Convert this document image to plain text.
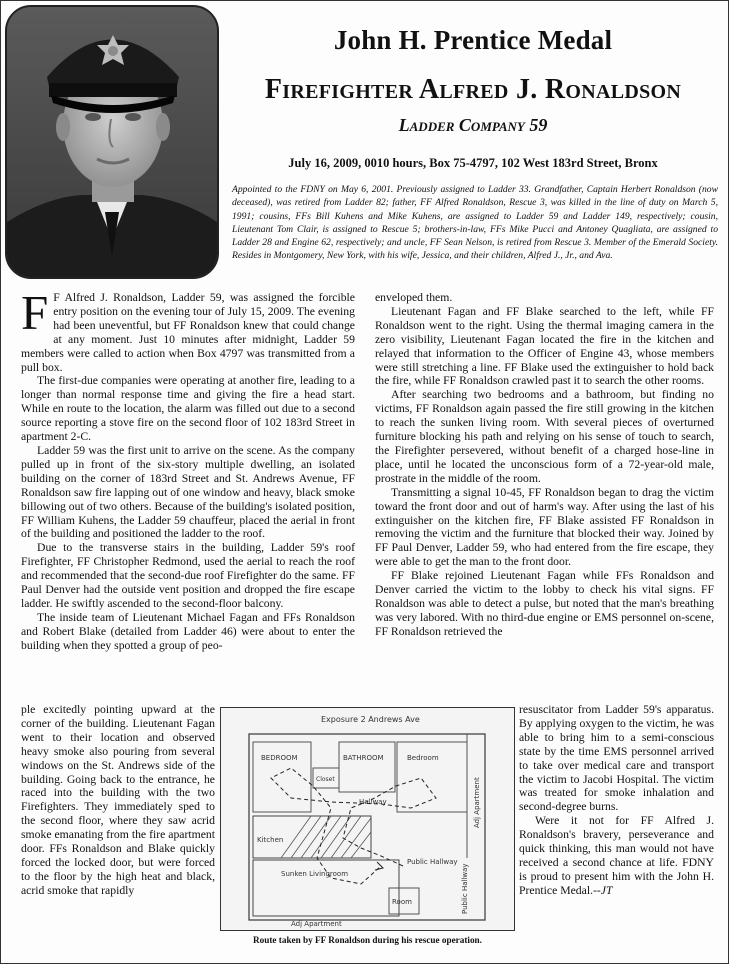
John H. Prentice Medal
Firefighter Alfred J. Ronaldson
Ladder Company 59
July 16, 2009, 0010 hours, Box 75-4797, 102 West 183rd Street, Bronx
Appointed to the FDNY on May 6, 2001. Previously assigned to Ladder 33. Grandfather, Captain Herbert Ronaldson (now deceased), was retired from Ladder 82; father, FF Alfred Ronaldson, Rescue 3, was killed in the line of duty on March 5, 1991; cousins, FFs Bill Kuhens and Mike Kuhens, are assigned to Ladder 59 and Ladder 149, respectively; cousin, Lieutenant Tom Clair, is assigned to Rescue 5; brothers-in-law, FFs Mike Pucci and Antoney Quagliata, are assigned to Ladder 28 and Engine 62, respectively; and uncle, FF Sean Nelson, is retired from Rescue 3. Member of the Emerald Society. Resides in Montgomery, New York, with his wife, Jessica, and their children, Alfred J., Jr., and Ava.

F F Alfred J. Ronaldson, Ladder 59, was assigned the forcible entry position on the evening tour of July 15, 2009. The evening had been uneventful, but FF Ronaldson knew that could change at any moment. Just 10 minutes after midnight, Ladder 59 members were called to action when Box 4797 was transmitted from a pull box.

The first-due companies were operating at another fire, leading to a longer than normal response time and giving the fire a head start. While en route to the location, the alarm was filled out due to a second source reporting a stove fire on the second floor of 102 183rd Street in apartment 2-C.

Ladder 59 was the first unit to arrive on the scene. As the company pulled up in front of the six-story multiple dwelling, an isolated building on the corner of 183rd Street and St. Andrews Avenue, FF Ronaldson saw fire lapping out of one window and heavy, black smoke billowing out of two others. Because of the building's isolated position, FF William Kuhens, the Ladder 59 chauffeur, placed the aerial in front of the building and positioned the ladder to the roof.

Due to the transverse stairs in the building, Ladder 59's roof Firefighter, FF Christopher Redmond, used the aerial to reach the roof and recommended that the second-due roof Firefighter do the same. FF Paul Denver had the outside vent position and dropped the fire escape ladder. He swiftly ascended to the second-floor balcony.

The inside team of Lieutenant Michael Fagan and FFs Ronaldson and Robert Blake (detailed from Ladder 46) were about to enter the building when they spotted a group of peo-

enveloped them.

Lieutenant Fagan and FF Blake searched to the left, while FF Ronaldson went to the right. Using the thermal imaging camera in the zero visibility, Lieutenant Fagan located the fire in the kitchen and relayed that information to the Officer of Engine 43, whose members were still stretching a line. FF Blake used the extinguisher to hold back the fire, while FF Ronaldson crawled past it to search the other rooms.

After searching two bedrooms and a bathroom, but finding no victims, FF Ronaldson again passed the fire still growing in the kitchen to reach the sunken living room. With several pieces of overturned furniture blocking his path and relying on his sense of touch to search, the Firefighter persevered, without benefit of a charged hose-line in place, until he located the unconscious form of a 72-year-old male, prostrate in the middle of the room.

Transmitting a signal 10-45, FF Ronaldson began to drag the victim toward the front door and out of harm's way. After using the last of his extinguisher on the kitchen fire, FF Blake assisted FF Ronaldson in removing the victim and the furniture that blocked their way. Joined by FF Paul Denver, Ladder 59, who had entered from the fire escape, they were able to get the man to the front door.

FF Blake rejoined Lieutenant Fagan while FFs Ronaldson and Denver carried the victim to the lobby to check his vital signs. FF Ronaldson was able to detect a pulse, but noted that the man's breathing was very labored. With no third-due engine or EMS personnel on-scene, FF Ronaldson retrieved the

ple excitedly pointing upward at the corner of the building. Lieutenant Fagan went to their location and observed heavy smoke also pouring from several windows on the St. Andrews side of the building. Going back to the entrance, he raced into the building with the two Firefighters. They immediately sped to the second floor, where they saw acrid smoke emanating from the fire apartment door. FFs Ronaldson and Blake quickly forced the locked door, but were forced to the floor by the high heat and black, acrid smoke that rapidly
Exposure 2 Andrews Ave
BEDROOM
Closet
BATHROOM	Bedroom
Hallway
Kitchen
Sunken Livingroom
Adj Apartment
Public Hallway
Public Hallway
Room
Adj Apartment
Route taken by FF Ronaldson during his rescue operation.

resuscitator from Ladder 59's apparatus. By applying oxygen to the victim, he was able to bring him to a semi-conscious state by the time EMS personnel arrived to take over medical care and transport the victim to Jacobi Hospital. The victim was treated for smoke inhalation and second-degree burns.

Were it not for FF Alfred J. Ronaldson's bravery, perseverance and quick thinking, this man would not have received a second chance at life. FDNY is proud to present him with the John H. Prentice Medal.--JT
